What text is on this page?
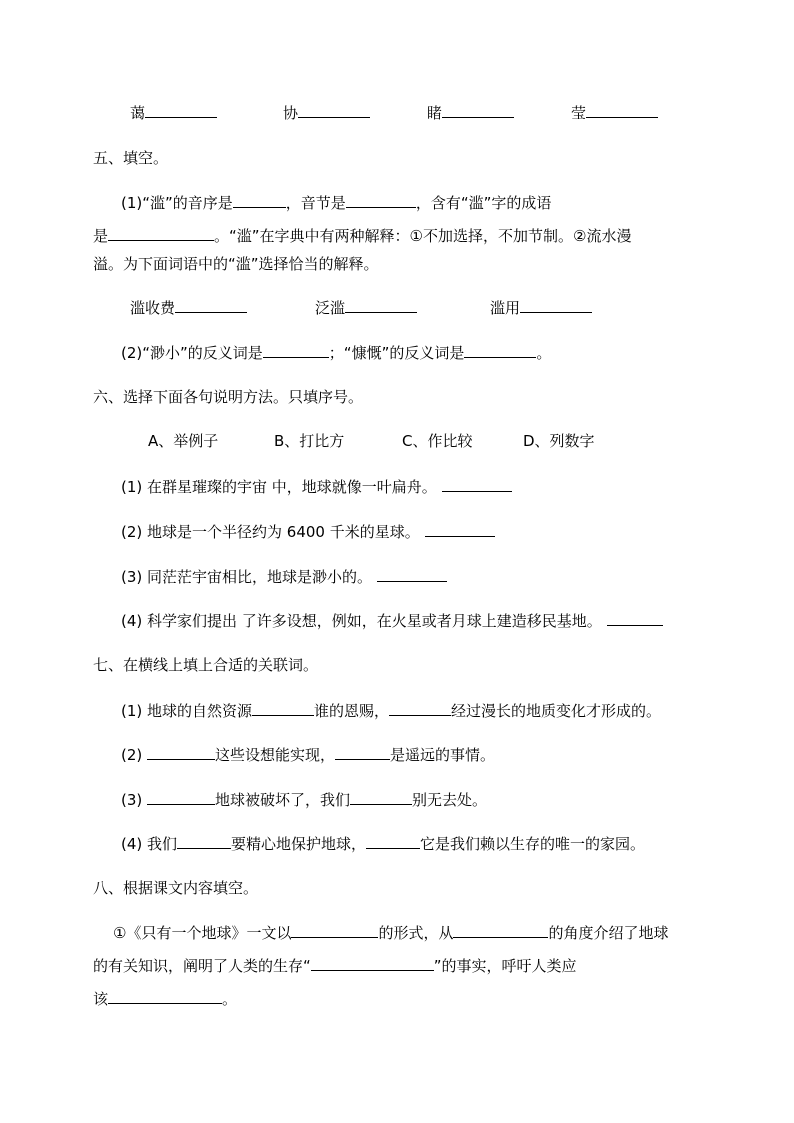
蔼	协	睹	莹
五、填空。
(1)“滥”的音序是	，音节是	，含有“滥”字的成语
是	。“滥”在字典中有两种解释：①不加选择，不加节制。②流水漫
溢。为下面词语中的“滥”选择恰当的解释。
滥收费	泛滥	滥用
(2)“渺小”的反义词是	；“慷慨”的反义词是	。
六、选择下面各句说明方法。只填序号。
A、举例子	B、打比方	C、作比较	D、列数字
(1) 在群星璀璨的宇宙 中，地球就像一叶扁舟。
(2) 地球是一个半径约为 6400 千米的星球。
(3) 同茫茫宇宙相比，地球是渺小的。
(4) 科学家们提出 了许多设想，例如，在火星或者月球上建造移民基地。
七、在横线上填上合适的关联词。
(1) 地球的自然资源	谁的恩赐，	经过漫长的地质变化才形成的。
(2)	这些设想能实现，	是遥远的事情。
(3)	地球被破坏了，我们	别无去处。
(4) 我们	要精心地保护地球，	它是我们赖以生存的唯一的家园。
八、根据课文内容填空。
①《只有一个地球》一文以	的形式，从	的角度介绍了地球
的有关知识，阐明了人类的生存“	”的事实，呼吁人类应
该	。
